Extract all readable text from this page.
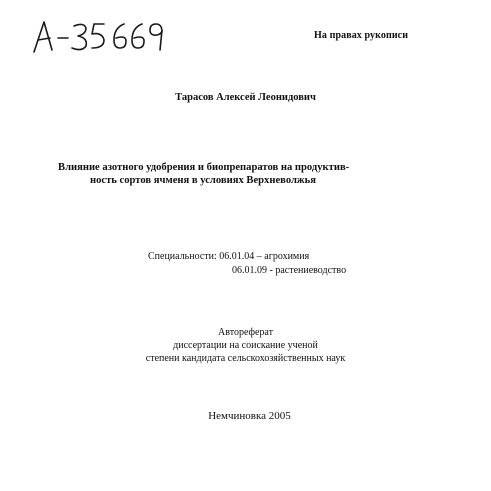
На правах рукописи
Тарасов Алексей Леонидович
Влияние азотного удобрения и биопрепаратов на продуктив-
ность сортов ячменя в условиях Верхневолжья
Специальности: 06.01.04 – агрохимия
06.01.09 - растениеводство
Автореферат
диссертации на соискание ученой
степени кандидата сельскохозяйственных наук
Немчиновка 2005
